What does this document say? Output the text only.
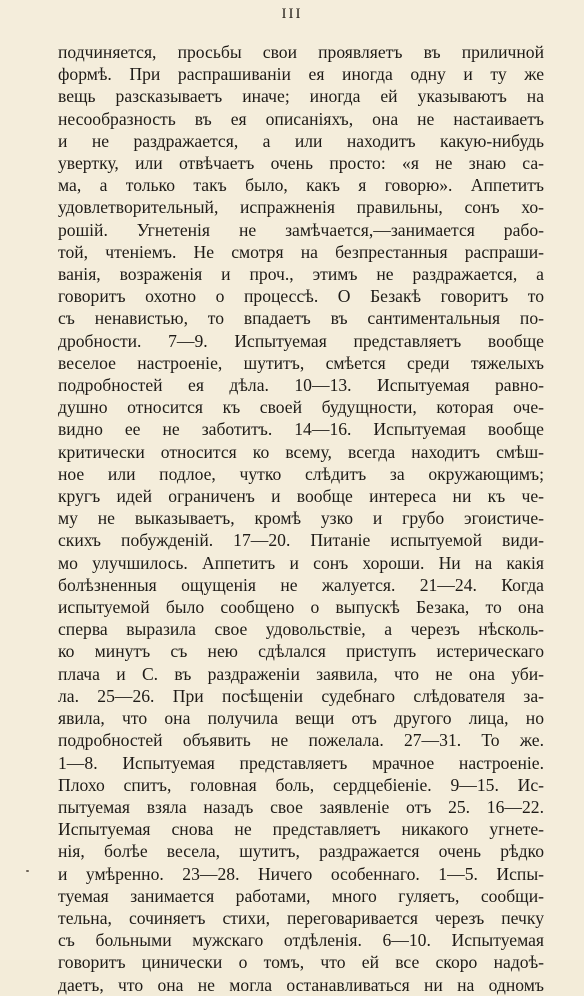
III
подчиняется, просьбы свои проявляетъ въ приличной
формѣ. При распрашиваніи ея иногда одну и ту же
вещь разсказываетъ иначе; иногда ей указываютъ на
несообразность въ ея описаніяхъ, она не настаиваетъ
и не раздражается, а или находитъ какую-нибудь
увертку, или отвѣчаетъ очень просто: «я не знаю са-
ма, а только такъ было, какъ я говорю». Аппетитъ
удовлетворительный, испражненія правильны, сонъ хо-
рошій. Угнетенія не замѣчается,—занимается рабо-
той, чтеніемъ. Не смотря на безпрестанныя распраши-
ванія, возраженія и проч., этимъ не раздражается, а
говоритъ охотно о процессѣ. О Безакѣ говоритъ то
съ ненавистью, то впадаетъ въ сантиментальныя по-
дробности. 7—9. Испытуемая представляетъ вообще
веселое настроеніе, шутитъ, смѣется среди тяжелыхъ
подробностей ея дѣла. 10—13. Испытуемая равно-
душно относится къ своей будущности, которая оче-
видно ее не заботитъ. 14—16. Испытуемая вообще
критически относится ко всему, всегда находитъ смѣш-
ное или подлое, чутко слѣдитъ за окружающимъ;
кругъ идей ограниченъ и вообще интереса ни къ че-
му не выказываетъ, кромѣ узко и грубо эгоистиче-
скихъ побужденій. 17—20. Питаніе испытуемой види-
мо улучшилось. Аппетитъ и сонъ хороши. Ни на какія
болѣзненныя ощущенія не жалуется. 21—24. Когда
испытуемой было сообщено о выпускѣ Безака, то она
сперва выразила свое удовольствіе, а черезъ нѣсколь-
ко минутъ съ нею сдѣлался приступъ истерическаго
плача и С. въ раздраженіи заявила, что не она уби-
ла. 25—26. При посѣщеніи судебнаго слѣдователя за-
явила, что она получила вещи отъ другого лица, но
подробностей объявить не пожелала. 27—31. То же.
1—8. Испытуемая представляетъ мрачное настроеніе.
Плохо спитъ, головная боль, сердцебіеніе. 9—15. Ис-
пытуемая взяла назадъ свое заявленіе отъ 25. 16—22.
Испытуемая снова не представляетъ никакого угнете-
нія, болѣе весела, шутитъ, раздражается очень рѣдко
и умѣренно. 23—28. Ничего особеннаго. 1—5. Испы-
туемая занимается работами, много гуляетъ, сообщи-
тельна, сочиняетъ стихи, переговаривается черезъ печку
съ больными мужскаго отдѣленія. 6—10. Испытуемая
говоритъ цинически о томъ, что ей все скоро надоѣ-
даетъ, что она не могла останавливаться ни на одномъ
